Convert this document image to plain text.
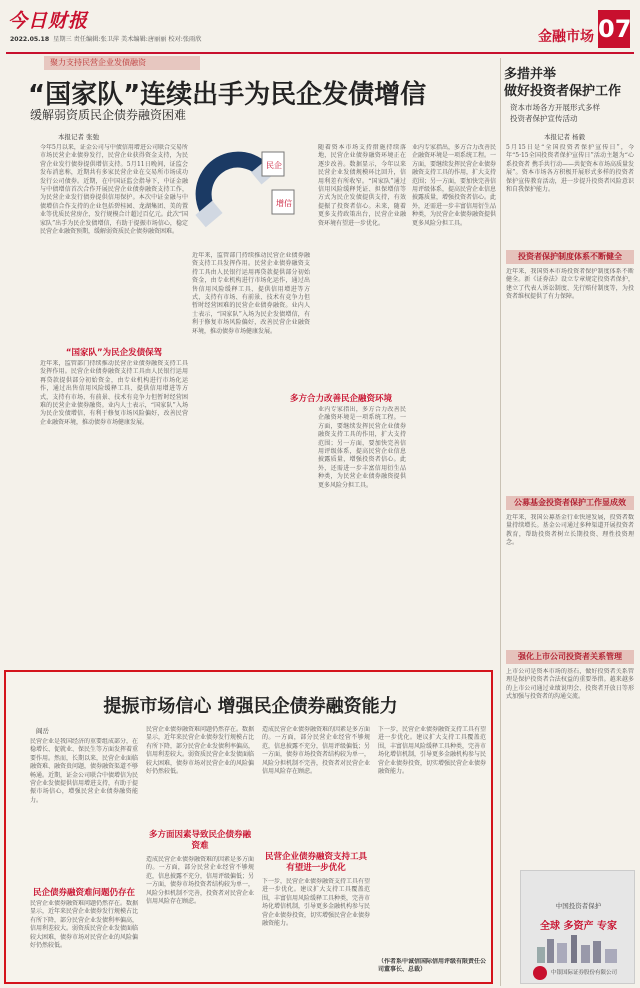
今日财报
2022.05.18 星期三 责任编辑:张卫萍 美术编辑:唐丽丽 校对:张雨欣	金融市场 07
聚力支持民营企业发债融资
“国家队”连续出手为民企发债增信
缓解弱资质民企债券融资困难
本报记者 张弛
今年5月以来，证金公司与中债信用增进公司联合交易所市场民营企业债券发行，民营企业获得资金支持，为民营企业发行债券提供增信支持。5月11日晚间，证监会发布消息称，近期共有多家民营企业在交易所市场成功发行公司债券。近期，在中国证监会指导下，中证金融与中债增信首次合作开展民营企业债券融资支持工作，为民营企业发行债券提供信用保护。本次中证金融与中债增信合作支持的企业包括碧桂园、龙湖集团、美的置业等优质民营房企，发行规模合计超过百亿元。此次“国家队”出手为民企发债增信，有助于提振市场信心，稳定民营企业融资预期，缓解弱资质民企债券融资困难。
“国家队”为民企发债保驾
近年来，监管部门持续推动民营企业债券融资支持工具发挥作用。民营企业债券融资支持工具由人民银行运用再贷款提供部分初始资金，由专业机构进行市场化运作，通过出售信用风险缓释工具、提供信用增进等方式，支持有市场、有前景、技术有竞争力但暂时经营困难的民营企业债券融资。业内人士表示，“国家队”入场为民企发债增信，有利于修复市场风险偏好，改善民营企业融资环境，推动债券市场健康发展。
民企
增信
近年来，监管部门持续推动民营企业债券融资支持工具发挥作用。民营企业债券融资支持工具由人民银行运用再贷款提供部分初始资金，由专业机构进行市场化运作，通过出售信用风险缓释工具、提供信用增进等方式，支持有市场、有前景、技术有竞争力但暂时经营困难的民营企业债券融资。业内人士表示，“国家队”入场为民企发债增信，有利于修复市场风险偏好，改善民营企业融资环境，推动债券市场健康发展。
随着资本市场支持措施持续落地，民营企业债券融资环境正在逐步改善。数据显示，今年以来民营企业发债规模环比回升，信用利差有所收窄。“国家队”通过信用风险缓释凭证、担保增信等方式为民企发债提供支持，有效提振了投资者信心。未来，随着更多支持政策出台，民营企业融资环境有望进一步优化。
多方合力改善民企融资环境
业内专家指出，多方合力改善民企融资环境是一项系统工程。一方面，要继续发挥民营企业债券融资支持工具的作用，扩大支持范围；另一方面，要加快完善信用评级体系，提高民营企业信息披露质量，增强投资者信心。此外，还需进一步丰富信用衍生品种类，为民营企业债券融资提供更多风险分担工具。
业内专家指出，多方合力改善民企融资环境是一项系统工程。一方面，要继续发挥民营企业债券融资支持工具的作用，扩大支持范围；另一方面，要加快完善信用评级体系，提高民营企业信息披露质量，增强投资者信心。此外，还需进一步丰富信用衍生品种类，为民营企业债券融资提供更多风险分担工具。
多措并举
做好投资者保护工作
资本市场各方开展形式多样
投资者保护宣传活动
本报记者 杨毅
5月15日是“全国投资者保护宣传日”，今年“5·15全国投资者保护宣传日”活动主题为“心系投资者 携手共行动——共促资本市场高质量发展”。资本市场各方积极开展形式多样的投资者保护宣传教育活动，进一步提升投资者风险意识和自我保护能力。
投资者保护制度体系不断健全
近年来，我国资本市场投资者保护制度体系不断健全。新《证券法》设立专章规定投资者保护，建立了代表人诉讼制度、先行赔付制度等，为投资者维权提供了有力保障。
公募基金投资者保护工作显成效
近年来，我国公募基金行业快速发展，投资者数量持续增长。基金公司通过多种渠道开展投资者教育，帮助投资者树立长期投资、理性投资理念。
强化上市公司投资者关系管理
上市公司是资本市场的基石，做好投资者关系管理是保护投资者合法权益的重要举措。越来越多的上市公司通过业绩说明会、投资者开放日等形式加强与投资者的沟通交流。
中国投资者保护
全球 多资产 专家
中银国际证券股份有限公司
提振市场信心 增强民企债券融资能力
阎岳
民营企业是我国经济的重要组成部分，在稳增长、促就业、保民生等方面发挥着重要作用。然而，长期以来，民营企业面临融资难、融资贵问题，债券融资渠道不够畅通。近期，证金公司联合中债增信为民营企业发债提供信用增进支持，有助于提振市场信心，增强民营企业债券融资能力。
民企债券融资难问题仍存在
民营企业债券融资难问题仍然存在。数据显示，近年来民营企业债券发行规模占比有所下降，部分民营企业发债利率偏高，信用利差较大。弱资质民营企业发债面临较大困难，债券市场对民营企业的风险偏好仍然较低。
民营企业债券融资难问题仍然存在。数据显示，近年来民营企业债券发行规模占比有所下降，部分民营企业发债利率偏高，信用利差较大。弱资质民营企业发债面临较大困难，债券市场对民营企业的风险偏好仍然较低。
多方面因素导致民企债券融资难
造成民营企业债券融资难的因素是多方面的。一方面，部分民营企业经营不够规范，信息披露不充分，信用评级偏低；另一方面，债券市场投资者结构较为单一，风险分担机制不完善，投资者对民营企业信用风险存在顾虑。
造成民营企业债券融资难的因素是多方面的。一方面，部分民营企业经营不够规范，信息披露不充分，信用评级偏低；另一方面，债券市场投资者结构较为单一，风险分担机制不完善，投资者对民营企业信用风险存在顾虑。
民营企业债券融资支持工具有望进一步优化
下一步，民营企业债券融资支持工具有望进一步优化。建议扩大支持工具覆盖范围，丰富信用风险缓释工具种类，完善市场化增信机制，引导更多金融机构参与民营企业债券投资，切实增强民营企业债券融资能力。
下一步，民营企业债券融资支持工具有望进一步优化。建议扩大支持工具覆盖范围，丰富信用风险缓释工具种类，完善市场化增信机制，引导更多金融机构参与民营企业债券投资，切实增强民营企业债券融资能力。
（作者系中诚信国际信用评级有限责任公司董事长、总裁）
